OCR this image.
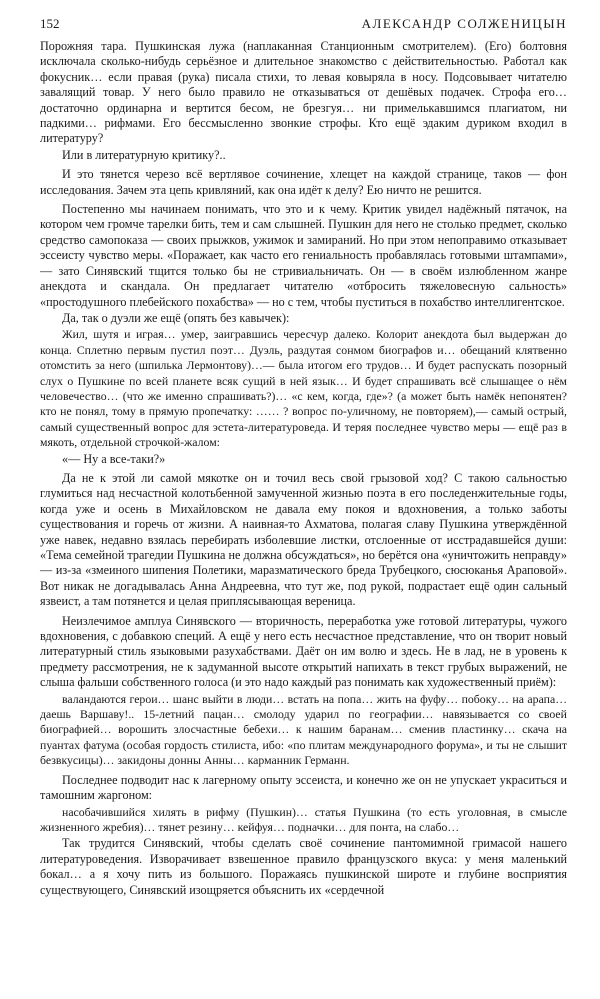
152	АЛЕКСАНДР СОЛЖЕНИЦЫН

Порожняя тара. Пушкинская лужа (наплаканная Станционным смотрителем). (Его) болтовня исключала сколько-нибудь серьёзное и длительное знакомство с действительностью. Работал как фокусник… если правая (рука) писала стихи, то левая ковыряла в носу. Подсовывает читателю завалящий товар. У него было правило не отказываться от дешёвых подачек. Строфа его… достаточно ординарна и вертится бесом, не брезгуя… ни примелькавшимся плагиатом, ни падкими… рифмами. Его бессмысленно звонкие строфы. Кто ещё эдаким дуриком входил в литературу?

Или в литературную критику?..

И это тянется черезо всё вертлявое сочинение, хлещет на каждой странице, таков — фон исследования. Зачем эта цепь кривляний, как она идёт к делу? Ею ничто не решится.

Постепенно мы начинаем понимать, что это и к чему. Критик увидел надёжный пятачок, на котором чем громче тарелки бить, тем и сам слышней. Пушкин для него не столько предмет, сколько средство самопоказа — своих прыжков, ужимок и замираний. Но при этом непоправимо отказывает эссеисту чувство меры. «Поражает, как часто его гениальность пробавлялась готовыми штампами», — зато Синявский тщится только бы не стривиальничать. Он — в своём излюбленном жанре анекдота и скандала. Он предлагает читателю «отбросить тяжеловесную сальность» «простодушного плебейского похабства» — но с тем, чтобы пуститься в похабство интеллигентское.

Да, так о дуэли же ещё (опять без кавычек):

Жил, шутя и играя… умер, заигравшись чересчур далеко. Колорит анекдота был выдержан до конца. Сплетню первым пустил поэт… Дуэль, раздутая сонмом биографов и… обещаний клятвенно отомстить за него (шпилька Лермонтову)…— была итогом его трудов… И будет распускать позорный слух о Пушкине по всей планете всяк сущий в ней язык… И будет спрашивать всё слышащее о нём человечество… (что же именно спрашивать?)… «с кем, когда, где»? (а может быть намёк непонятен? кто не понял, тому в прямую пропечатку: …… ? вопрос по-уличному, не повторяем),— самый острый, самый существенный вопрос для эстета-литературоведа. И теряя последнее чувство меры — ещё раз в мякоть, отдельной строчкой-жалом:

«— Ну а все-таки?»

Да не к этой ли самой мякотке он и точил весь свой грызовой ход? С такою сальностью глумиться над несчастной колотьбенной замученной жизнью поэта в его последенжительные годы, когда уже и осень в Михайловском не давала ему покоя и вдохновения, а только заботы существования и горечь от жизни. А наивная-то Ахматова, полагая славу Пушкина утверждённой уже навек, недавно взялась перебирать изболевшие листки, отслоенные от исстрадавшейся души: «Тема семейной трагедии Пушкина не должна обсуждаться», но берётся она «уничтожить неправду» — из-за «змеиного шипения Полетики, маразматического бреда Трубецкого, сюсюканья Араповой». Вот никак не догадывалась Анна Андреевна, что тут же, под рукой, подрастает ещё один сальный язвеист, а там потянется и целая приплясывающая вереница.

Неизлечимое амплуа Синявского — вторичность, переработка уже готовой литературы, чужого вдохновения, с добавкою специй. А ещё у него есть несчастное представление, что он творит новый литературный стиль языковыми разухабствами. Даёт он им волю и здесь. Не в лад, не в уровень к предмету рассмотрения, не к задуманной высоте открытий напихать в текст грубых выражений, не слыша фальши собственного голоса (и это надо каждый раз понимать как художественный приём):

валандаются герои… шанс выйти в люди… встать на попа… жить на фуфу… побоку… на арапа… даешь Варшаву!.. 15-летний пацан… смолоду ударил по географии… навязывается со своей биографией… ворошить злосчастные бебехи… к нашим баранам… сменив пластинку… скача на пуантах фатума (особая гордость стилиста, ибо: «по плитам международного форума», и ты не слышит безвкусицы)… закидоны донны Анны… карманник Германн.

Последнее подводит нас к лагерному опыту эссеиста, и конечно же он не упускает украситься и тамошним жаргоном:

насобачившийся хилять в рифму (Пушкин)… статья Пушкина (то есть уголовная, в смысле жизненного жребия)… тянет резину… кейфуя… подначки… для понта, на слабо…

Так трудится Синявский, чтобы сделать своё сочинение пантомимной гримасой нашего литературоведения. Изворачивает взвешенное правило французского вкуса: у меня маленький бокал… а я хочу пить из большого. Поражаясь пушкинской широте и глубине восприятия существующего, Синявский изощряется объяснить их «сердечной
